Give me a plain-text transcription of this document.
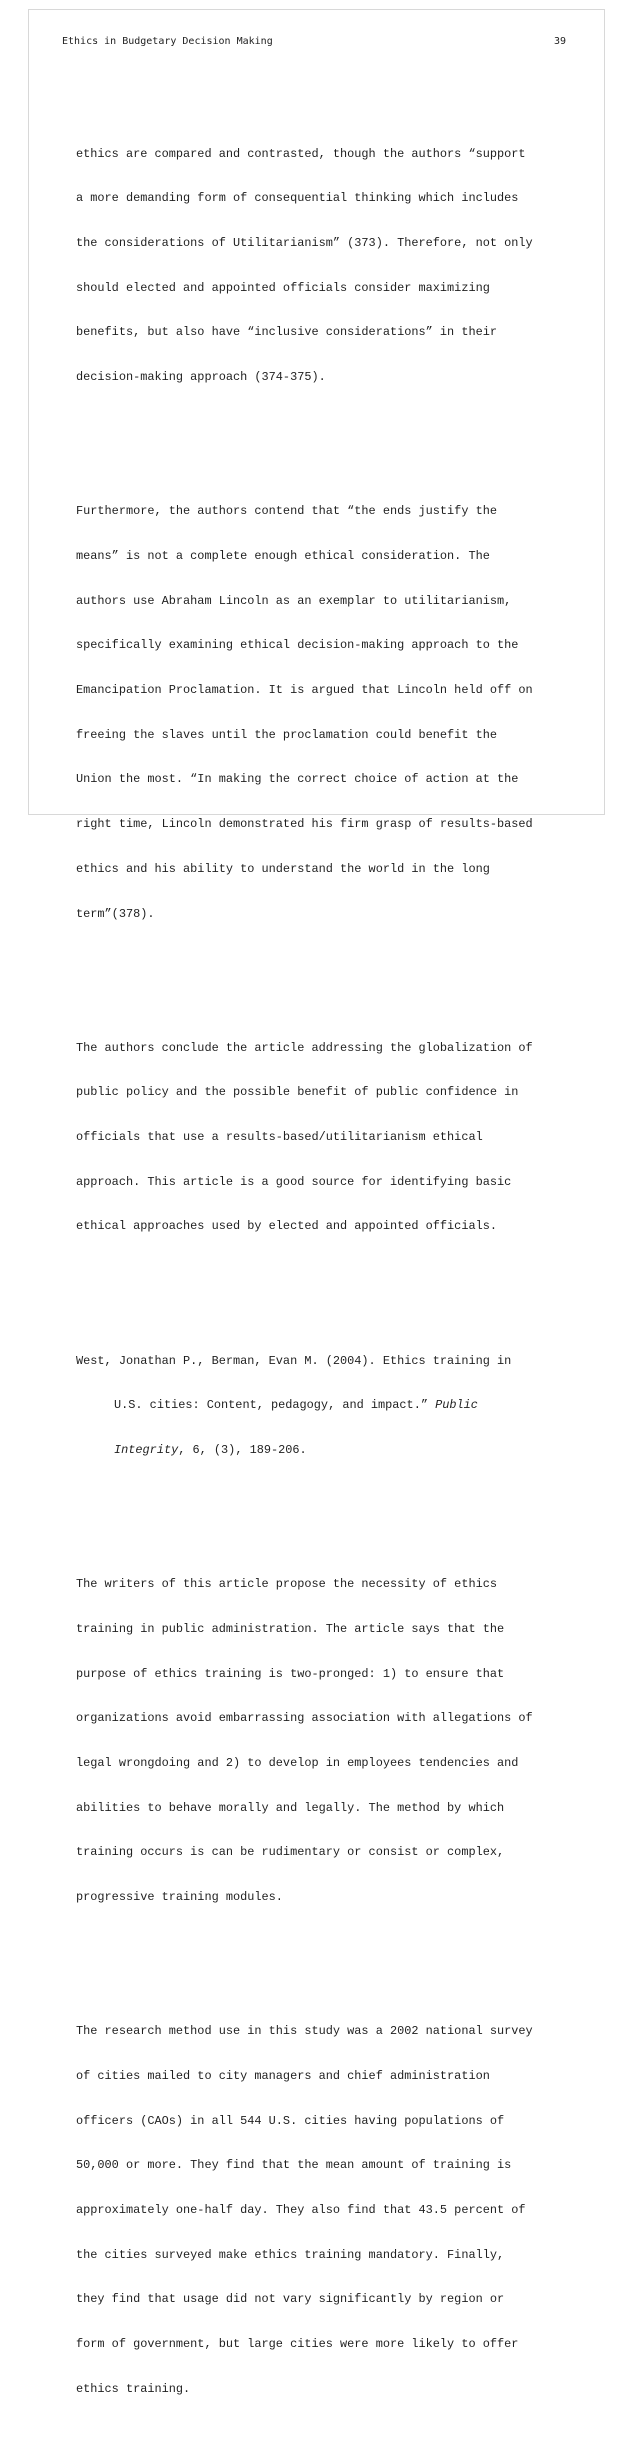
Ethics in Budgetary Decision Making	39

ethics are compared and contrasted, though the authors “support

a more demanding form of consequential thinking which includes

the considerations of Utilitarianism” (373). Therefore, not only

should elected and appointed officials consider maximizing

benefits, but also have “inclusive considerations” in their

decision-making approach (374-375).

Furthermore, the authors contend that “the ends justify the

means” is not a complete enough ethical consideration. The

authors use Abraham Lincoln as an exemplar to utilitarianism,

specifically examining ethical decision-making approach to the

Emancipation Proclamation. It is argued that Lincoln held off on

freeing the slaves until the proclamation could benefit the

Union the most. “In making the correct choice of action at the

right time, Lincoln demonstrated his firm grasp of results-based

ethics and his ability to understand the world in the long

term”(378).

The authors conclude the article addressing the globalization of

public policy and the possible benefit of public confidence in

officials that use a results-based/utilitarianism ethical

approach. This article is a good source for identifying basic

ethical approaches used by elected and appointed officials.

West, Jonathan P., Berman, Evan M. (2004). Ethics training in

U.S. cities: Content, pedagogy, and impact.” Public

Integrity, 6, (3), 189-206.

The writers of this article propose the necessity of ethics

training in public administration. The article says that the

purpose of ethics training is two-pronged: 1) to ensure that

organizations avoid embarrassing association with allegations of

legal wrongdoing and 2) to develop in employees tendencies and

abilities to behave morally and legally. The method by which

training occurs is can be rudimentary or consist or complex,

progressive training modules.

The research method use in this study was a 2002 national survey

of cities mailed to city managers and chief administration

officers (CAOs) in all 544 U.S. cities having populations of

50,000 or more. They find that the mean amount of training is

approximately one-half day. They also find that 43.5 percent of

the cities surveyed make ethics training mandatory. Finally,

they find that usage did not vary significantly by region or

form of government, but large cities were more likely to offer

ethics training.
